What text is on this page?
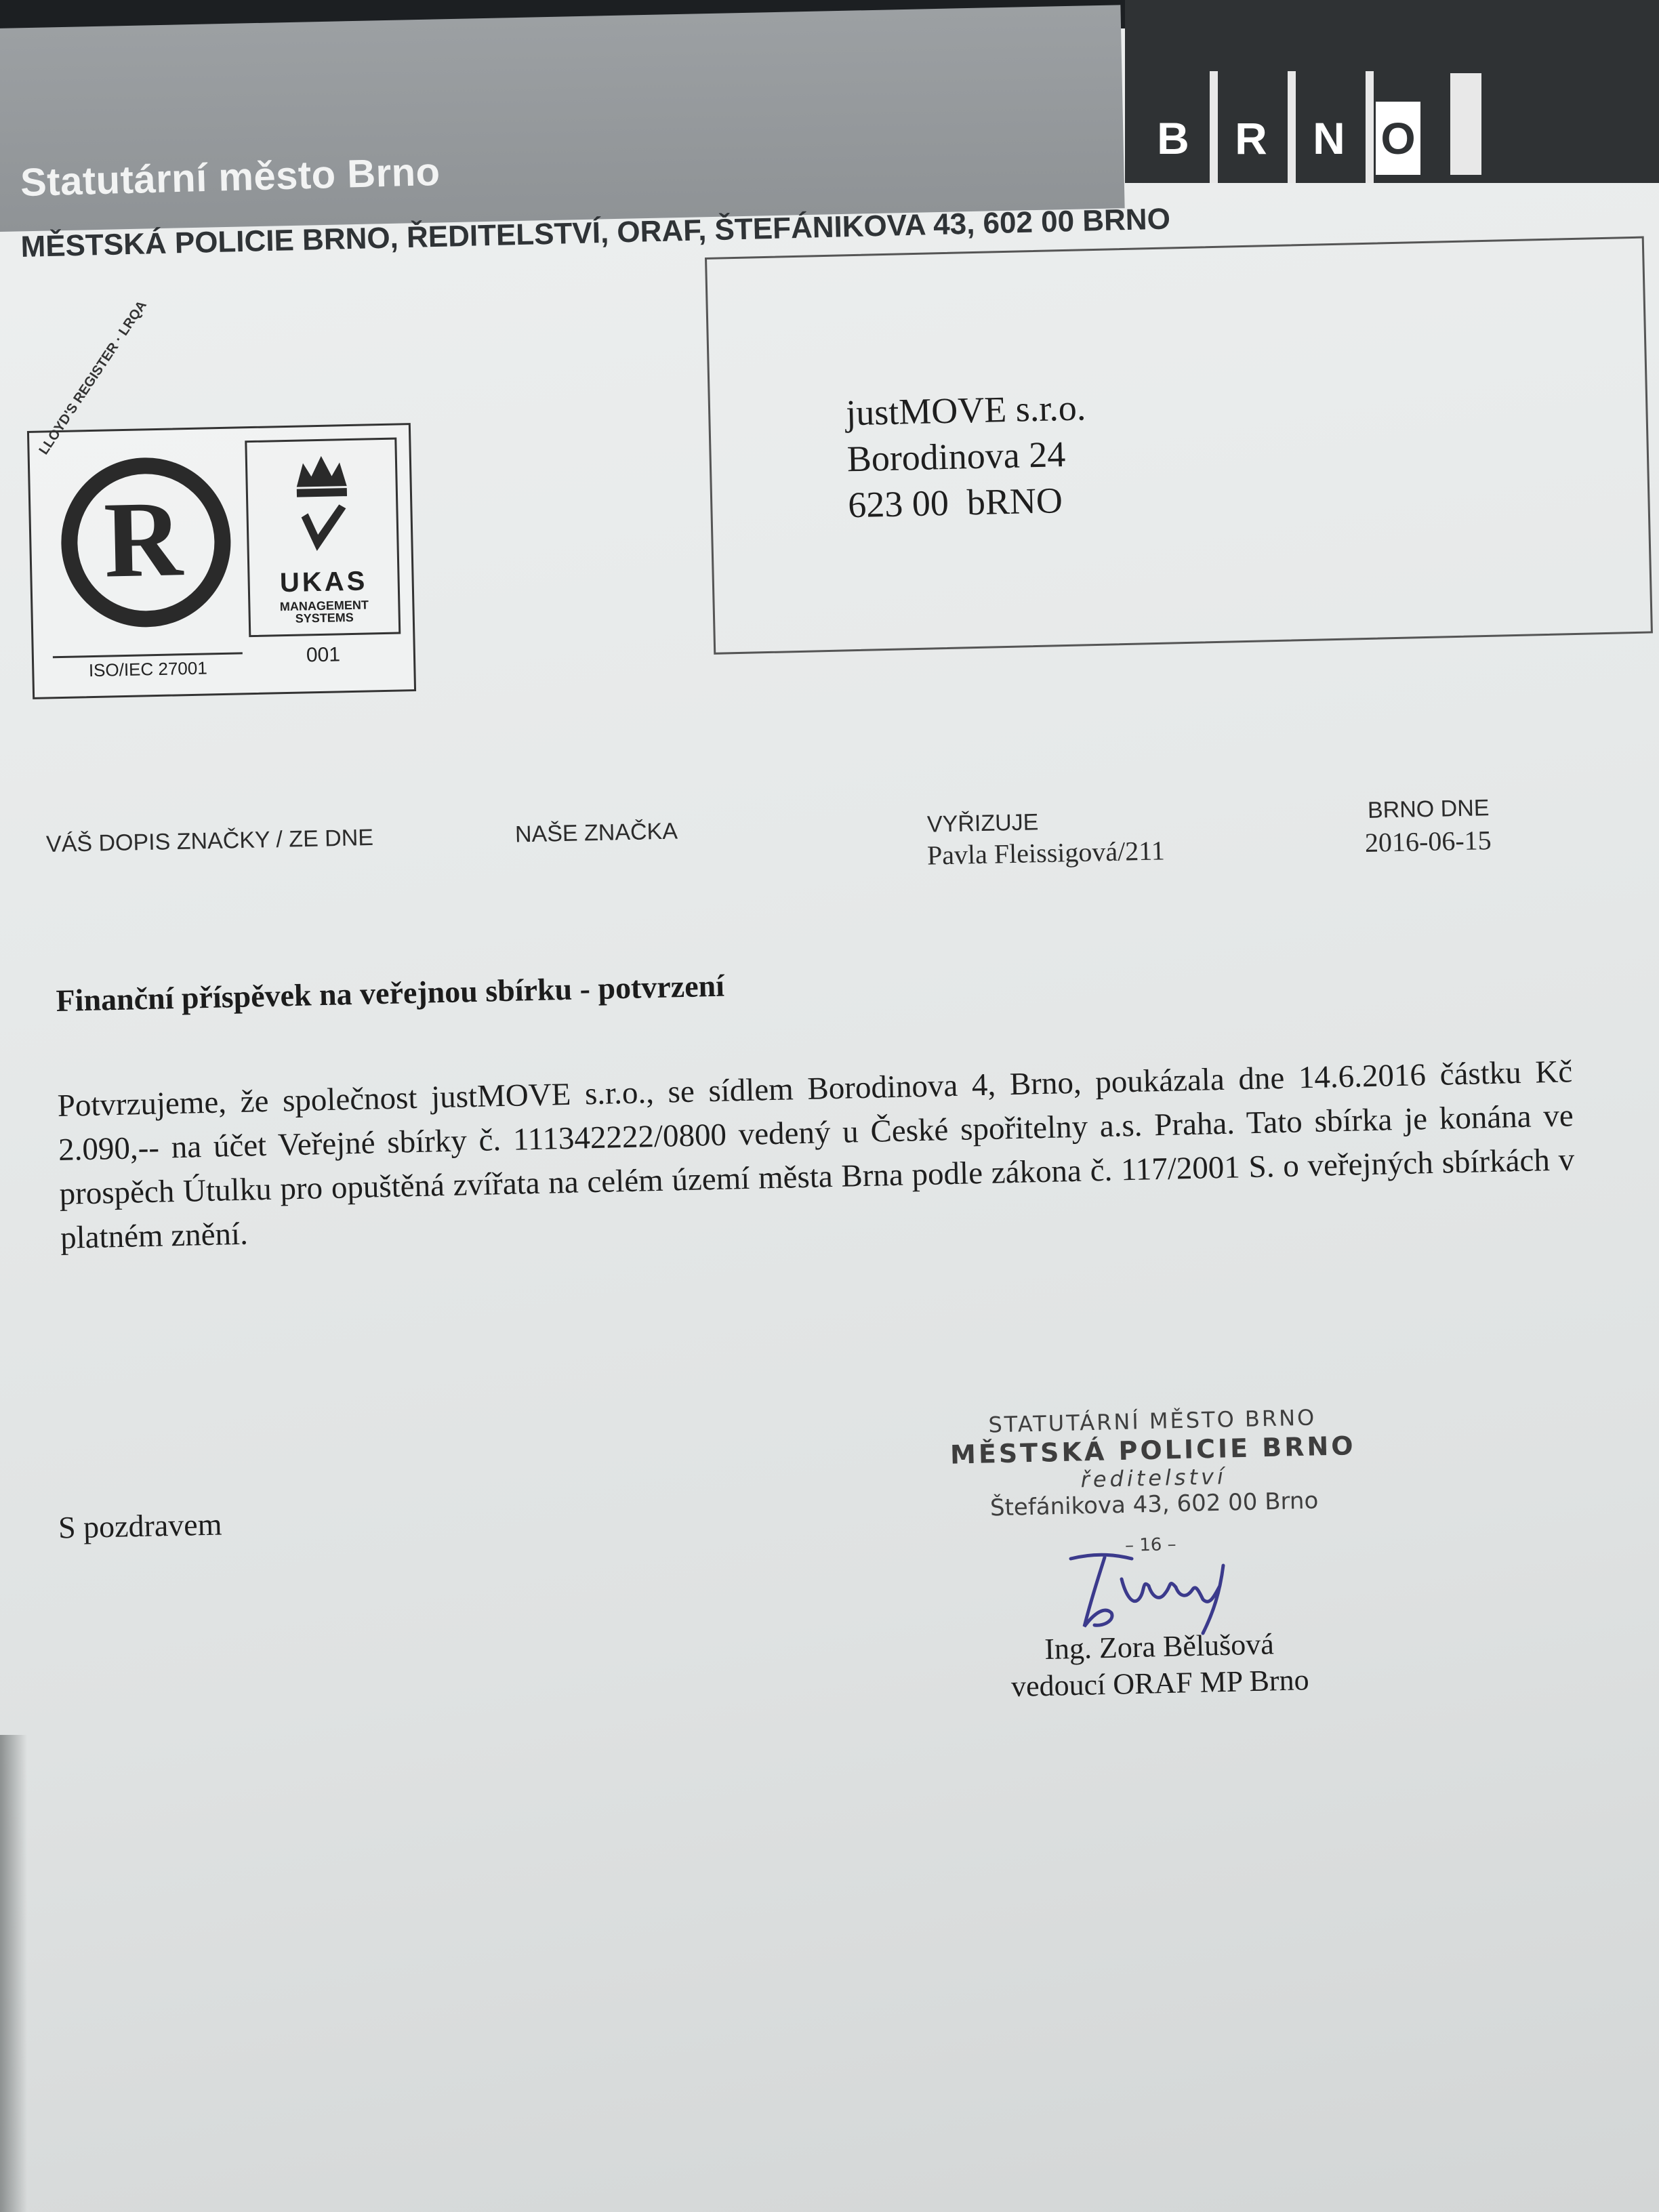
Statutární město Brno
B R N O
MĚSTSKÁ POLICIE BRNO, ŘEDITELSTVÍ, ORAF, ŠTEFÁNIKOVA 43, 602 00 BRNO
LLOYD'S REGISTER · LRQA
R
ISO/IEC 27001
UKAS
MANAGEMENT SYSTEMS
001
justMOVE s.r.o.
Borodinova 24
623 00  bRNO
VÁŠ DOPIS ZNAČKY / ZE DNE	NAŠE ZNAČKA	VYŘIZUJE
Pavla Fleissigová/211
BRNO DNE
2016-06-15
Finanční příspěvek na veřejnou sbírku - potvrzení
Potvrzujeme, že společnost justMOVE s.r.o., se sídlem Borodinova 4, Brno, poukázala dne 14.6.2016 částku Kč 2.090,-- na účet Veřejné sbírky č. 111342222/0800 vedený u České spořitelny a.s. Praha. Tato sbírka je konána ve prospěch Útulku pro opuštěná zvířata na celém území města Brna podle zákona č. 117/2001 S. o veřejných sbírkách v platném znění.
S pozdravem
STATUTÁRNÍ MĚSTO BRNO
MĚSTSKÁ POLICIE BRNO
ředitelství
Štefánikova 43, 602 00 Brno
– 16 –
Ing. Zora Bělušová
vedoucí ORAF MP Brno
